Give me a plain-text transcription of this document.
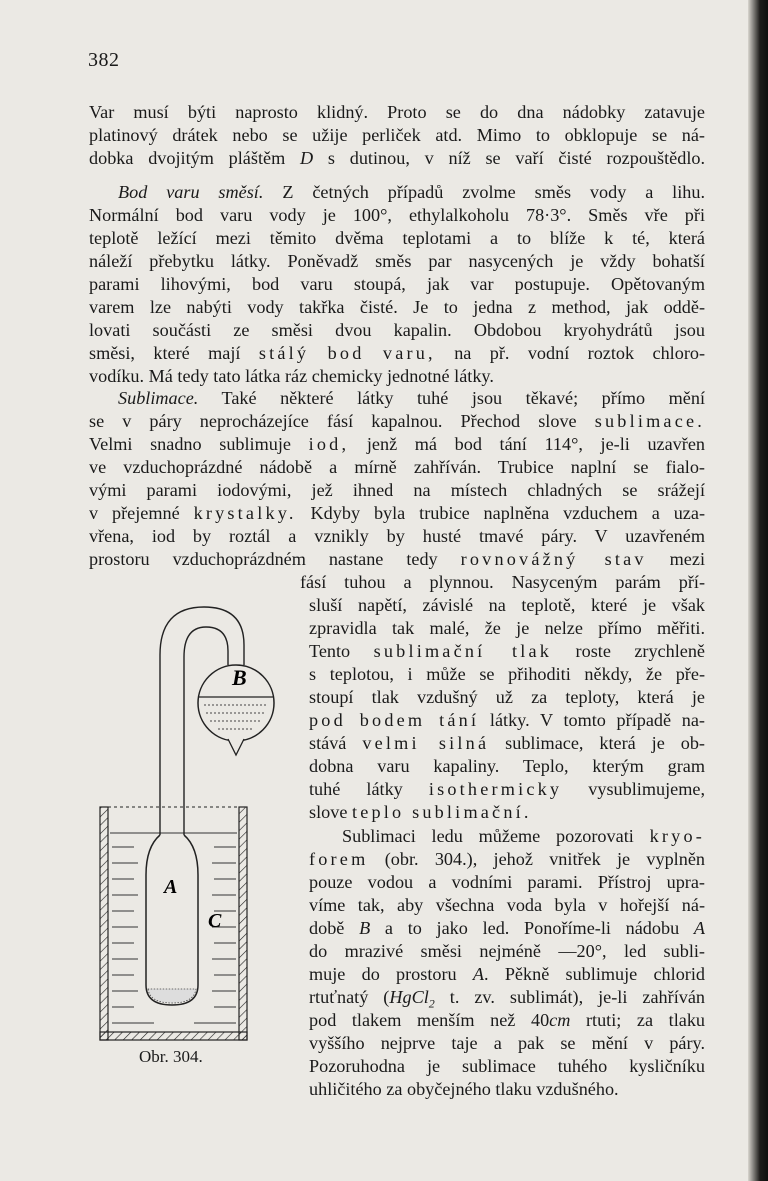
382
Var musí býti naprosto klidný. Proto se do dna nádobky zatavuje
platinový drátek nebo se užije perliček atd. Mimo to obklopuje se ná-
dobka dvojitým pláštěm D s dutinou, v níž se vaří čisté rozpouštědlo.
Bod varu směsí. Z četných případů zvolme směs vody a lihu.
Normální bod varu vody je 100°, ethylalkoholu 78·3°. Směs vře při
teplotě ležící mezi těmito dvěma teplotami a to blíže k té, která
náleží přebytku látky. Poněvadž směs par nasycených je vždy bohatší
parami lihovými, bod varu stoupá, jak var postupuje. Opětovaným
varem lze nabýti vody takřka čisté. Je to jedna z method, jak oddě-
lovati součásti ze směsi dvou kapalin. Obdobou kryohydrátů jsou
směsi, které mají stálý bod varu, na př. vodní roztok chloro-
vodíku. Má tedy tato látka ráz chemicky jednotné látky.
Sublimace. Také některé látky tuhé jsou těkavé; přímo mění
se v páry neprocházejíce fásí kapalnou. Přechod slove sublimace.
Velmi snadno sublimuje iod, jenž má bod tání 114°, je-li uzavřen
ve vzduchoprázdné nádobě a mírně zahříván. Trubice naplní se fialo-
vými parami iodovými, jež ihned na místech chladných se srážejí
v přejemné krystalky. Kdyby byla trubice naplněna vzduchem a uza-
vřena, iod by roztál a vznikly by husté tmavé páry. V uzavřeném
prostoru vzduchoprázdném nastane tedy rovnovážný stav mezi
fásí tuhou a plynnou. Nasyceným parám pří-
sluší napětí, závislé na teplotě, které je však
zpravidla tak malé, že je nelze přímo měřiti.
Tento sublimační tlak roste zrychleně
s teplotou, i může se přihoditi někdy, že pře-
stoupí tlak vzdušný už za teploty, která je
pod bodem tání látky. V tomto případě na-
stává velmi silná sublimace, která je ob-
dobna varu kapaliny. Teplo, kterým gram
tuhé látky isothermicky vysublimujeme,
slove teplo sublimační.
Sublimaci ledu můžeme pozorovati kryo-
forem (obr. 304.), jehož vnitřek je vyplněn
pouze vodou a vodními parami. Přístroj upra-
víme tak, aby všechna voda byla v hořejší ná-
době B a to jako led. Ponoříme-li nádobu A
do mrazivé směsi nejméně —20°, led subli-
muje do prostoru A. Pěkně sublimuje chlorid
rtuťnatý (HgCl$_2$ t. zv. sublimát), je-li zahříván
pod tlakem menším než 40cm rtuti; za tlaku
vyššího nejprve taje a pak se mění v páry.
Pozoruhodna je sublimace tuhého kysličníku
uhličitého za obyčejného tlaku vzdušného.
B
A
C
Obr. 304.
